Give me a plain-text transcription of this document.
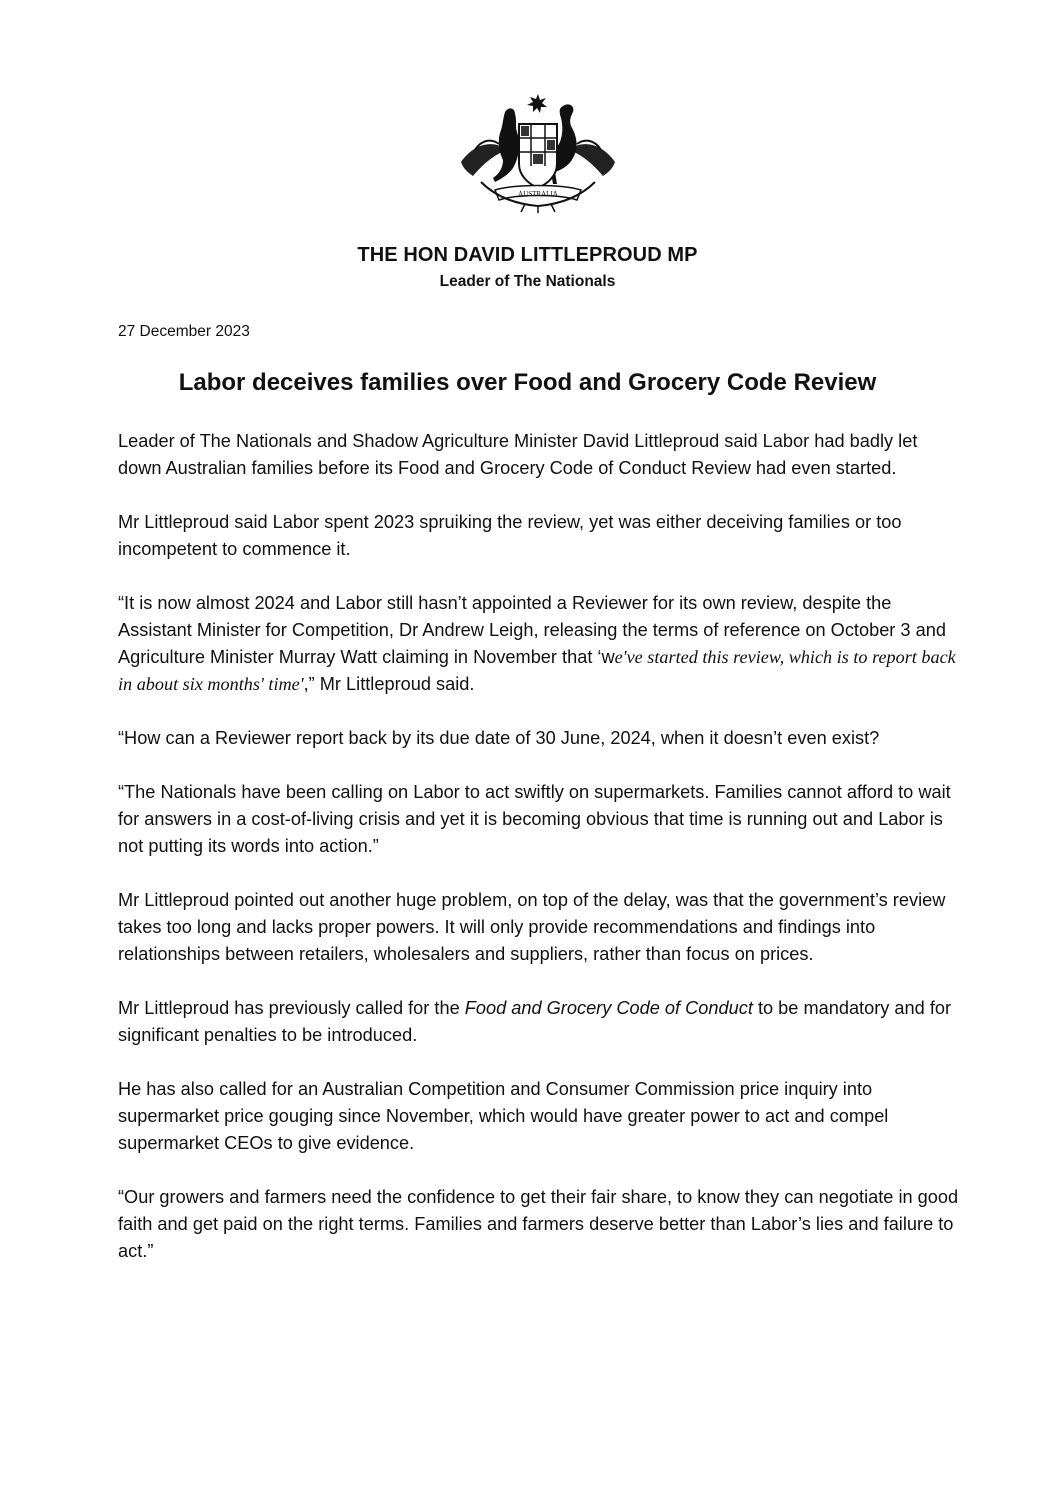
AUSTRALIA
THE HON DAVID LITTLEPROUD MP
Leader of The Nationals
27 December 2023
Labor deceives families over Food and Grocery Code Review

Leader of The Nationals and Shadow Agriculture Minister David Littleproud said Labor had badly let down Australian families before its Food and Grocery Code of Conduct Review had even started.

Mr Littleproud said Labor spent 2023 spruiking the review, yet was either deceiving families or too incompetent to commence it.

“It is now almost 2024 and Labor still hasn’t appointed a Reviewer for its own review, despite the Assistant Minister for Competition, Dr Andrew Leigh, releasing the terms of reference on October 3 and Agriculture Minister Murray Watt claiming in November that ‘we've started this review, which is to report back in about six months' time',” Mr Littleproud said.

“How can a Reviewer report back by its due date of 30 June, 2024, when it doesn’t even exist?

“The Nationals have been calling on Labor to act swiftly on supermarkets. Families cannot afford to wait for answers in a cost-of-living crisis and yet it is becoming obvious that time is running out and Labor is not putting its words into action.”

Mr Littleproud pointed out another huge problem, on top of the delay, was that the government’s review takes too long and lacks proper powers. It will only provide recommendations and findings into relationships between retailers, wholesalers and suppliers, rather than focus on prices.

Mr Littleproud has previously called for the Food and Grocery Code of Conduct to be mandatory and for significant penalties to be introduced.

He has also called for an Australian Competition and Consumer Commission price inquiry into supermarket price gouging since November, which would have greater power to act and compel supermarket CEOs to give evidence.

“Our growers and farmers need the confidence to get their fair share, to know they can negotiate in good faith and get paid on the right terms. Families and farmers deserve better than Labor’s lies and failure to act.”
